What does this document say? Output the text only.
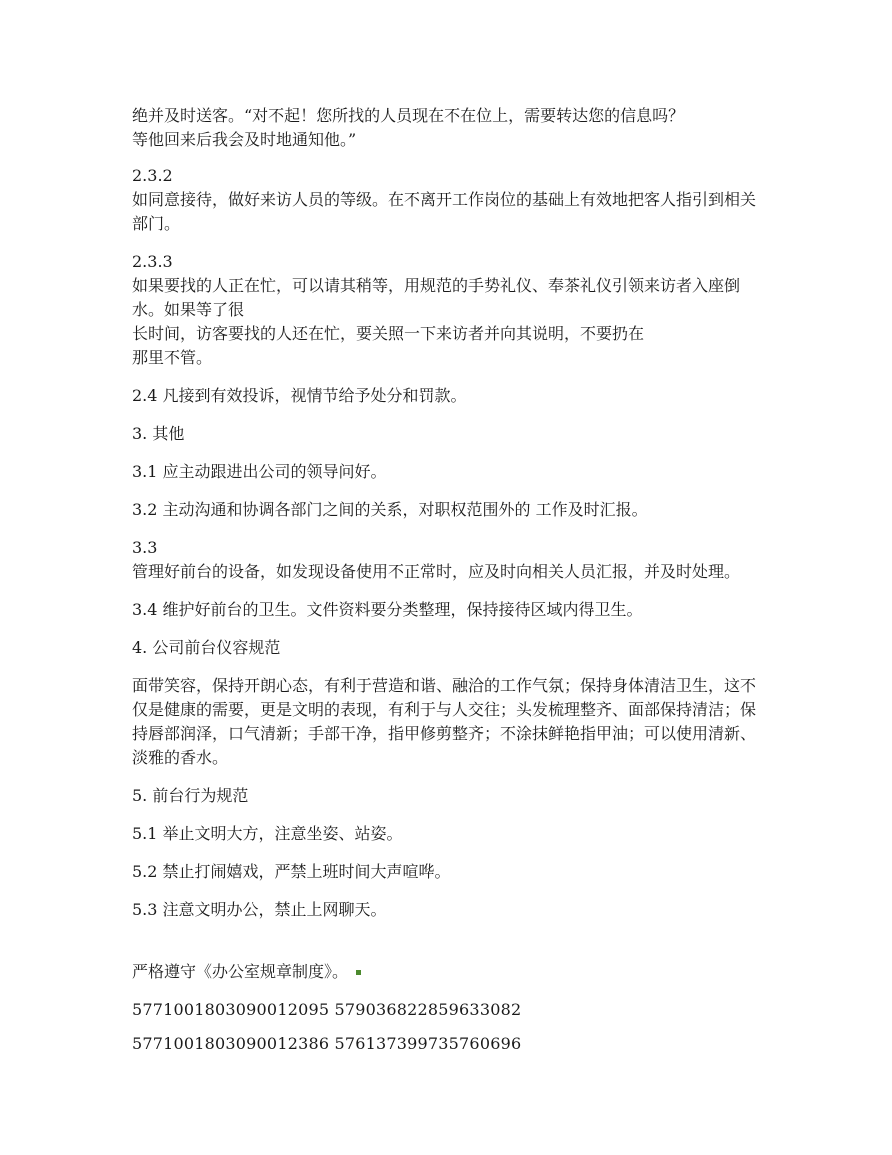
绝并及时送客。“对不起！您所找的人员现在不在位上，需要转达您的信息吗？
等他回来后我会及时地通知他。”

2.3.2

如同意接待，做好来访人员的等级。在不离开工作岗位的基础上有效地把客人指引到相关部门。

2.3.3

如果要找的人正在忙，可以请其稍等，用规范的手势礼仪、奉茶礼仪引领来访者入座倒水。如果等了很
长时间，访客要找的人还在忙，要关照一下来访者并向其说明，不要扔在
那里不管。

2.4 凡接到有效投诉，视情节给予处分和罚款。

3. 其他

3.1 应主动跟进出公司的领导问好。

3.2 主动沟通和协调各部门之间的关系，对职权范围外的 工作及时汇报。

3.3

管理好前台的设备，如发现设备使用不正常时，应及时向相关人员汇报，并及时处理。

3.4 维护好前台的卫生。文件资料要分类整理，保持接待区域内得卫生。

4. 公司前台仪容规范

面带笑容，保持开朗心态，有利于营造和谐、融洽的工作气氛；保持身体清洁卫生，这不仅是健康的需要，更是文明的表现，有利于与人交往；头发梳理整齐、面部保持清洁；保持唇部润泽，口气清新；手部干净，指甲修剪整齐；不涂抹鲜艳指甲油；可以使用清新、淡雅的香水。

5. 前台行为规范

5.1 举止文明大方，注意坐姿、站姿。

5.2 禁止打闹嬉戏，严禁上班时间大声喧哗。

5.3 注意文明办公，禁止上网聊天。

严格遵守《办公室规章制度》。

5771001803090012095 579036822859633082

5771001803090012386 576137399735760696
